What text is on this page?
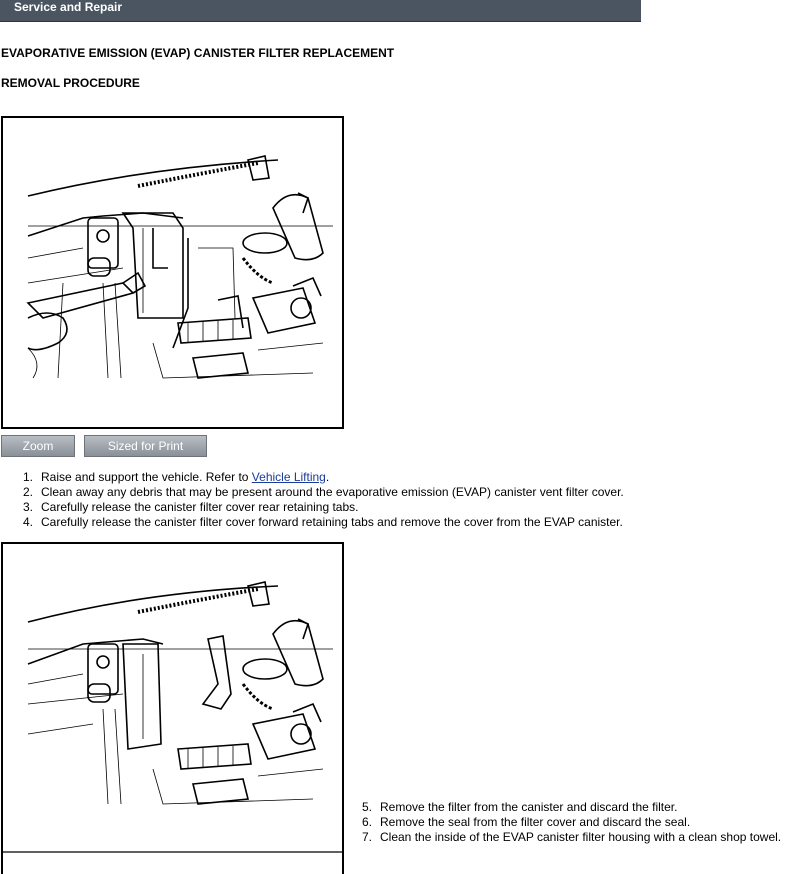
Service and Repair
EVAPORATIVE EMISSION (EVAP) CANISTER FILTER REPLACEMENT
REMOVAL PROCEDURE
Zoom	Sized for Print
1. Raise and support the vehicle. Refer to Vehicle Lifting.
2. Clean away any debris that may be present around the evaporative emission (EVAP) canister vent filter cover.
3. Carefully release the canister filter cover rear retaining tabs.
4. Carefully release the canister filter cover forward retaining tabs and remove the cover from the EVAP canister.
5. Remove the filter from the canister and discard the filter.
6. Remove the seal from the filter cover and discard the seal.
7. Clean the inside of the EVAP canister filter housing with a clean shop towel.
